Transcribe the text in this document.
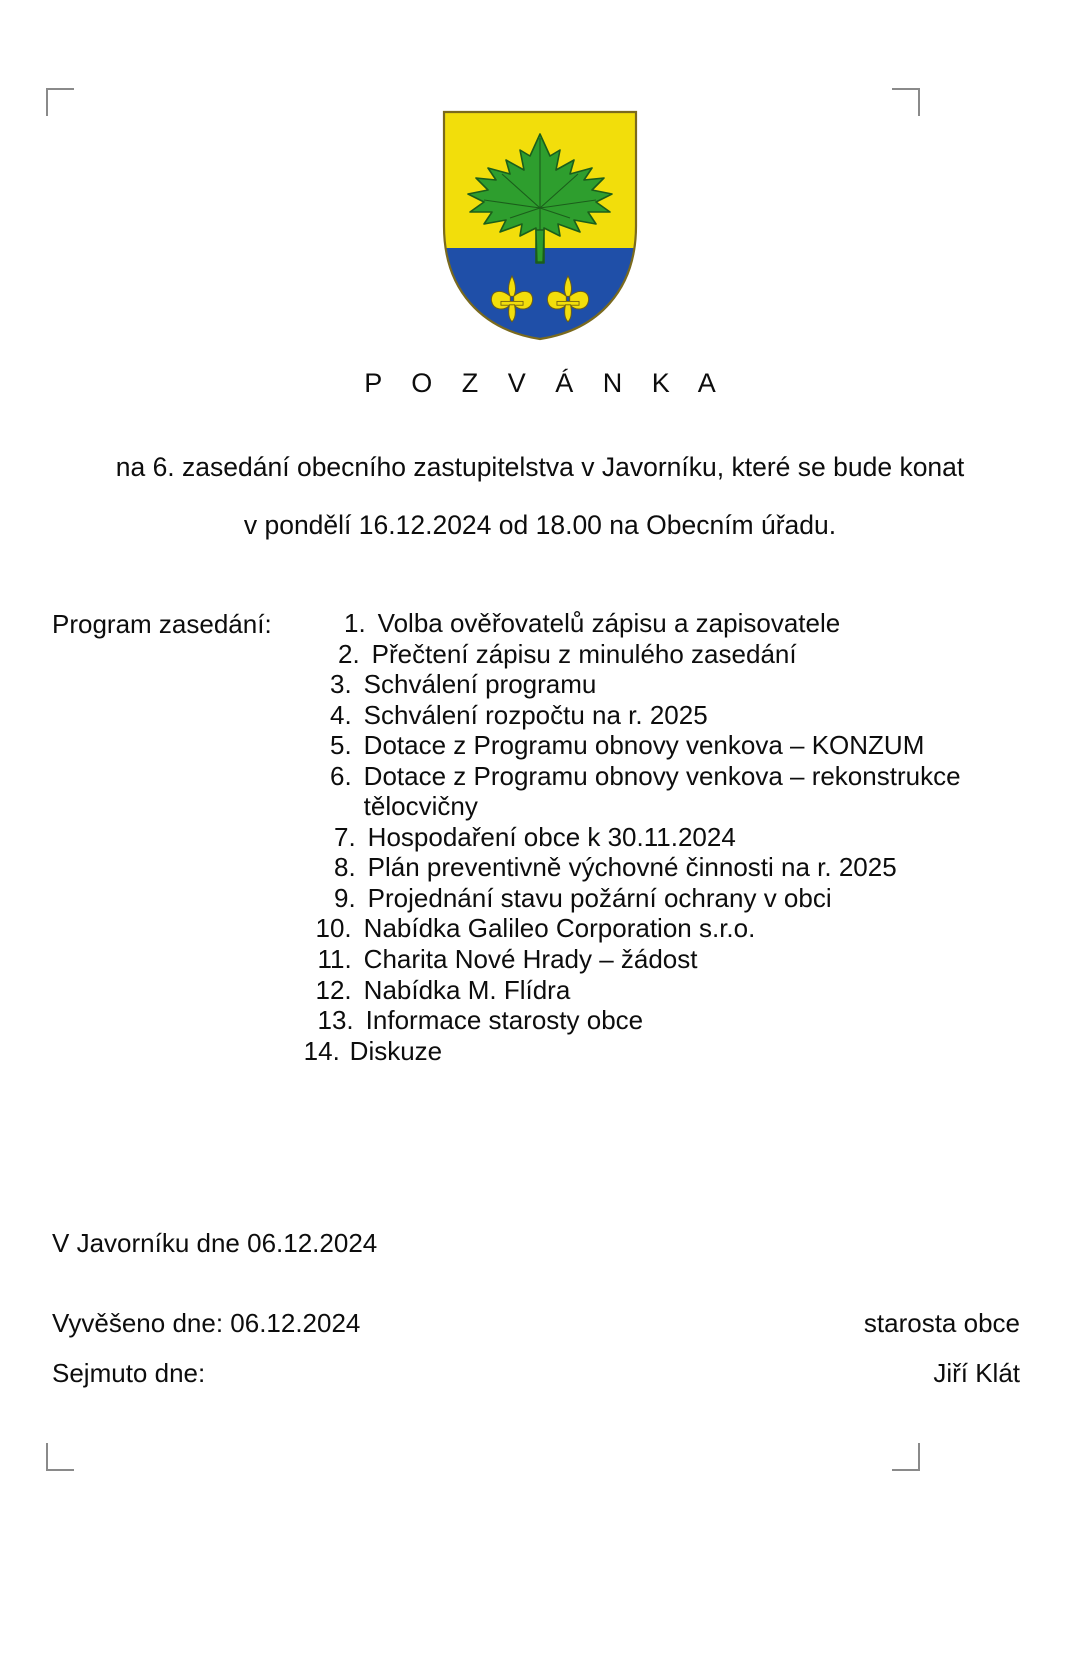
P O Z V Á N K A
na 6. zasedání obecního zastupitelstva v Javorníku, které se bude konat
v pondělí 16.12.2024 od 18.00 na Obecním úřadu.
Program zasedání:	1. Volba ověřovatelů zápisu a zapisovatele
2. Přečtení zápisu z minulého zasedání
3. Schválení programu
4. Schválení rozpočtu na r. 2025
5. Dotace z Programu obnovy venkova – KONZUM
6. Dotace z Programu obnovy venkova – rekonstrukce tělocvičny
7. Hospodaření obce k 30.11.2024
8. Plán preventivně výchovné činnosti na r. 2025
9. Projednání stavu požární ochrany v obci
10. Nabídka Galileo Corporation s.r.o.
11. Charita Nové Hrady – žádost
12. Nabídka M. Flídra
13. Informace starosty obce
14. Diskuze
V Javorníku dne 06.12.2024
Vyvěšeno dne: 06.12.2024	starosta obce
Sejmuto dne:	Jiří Klát
